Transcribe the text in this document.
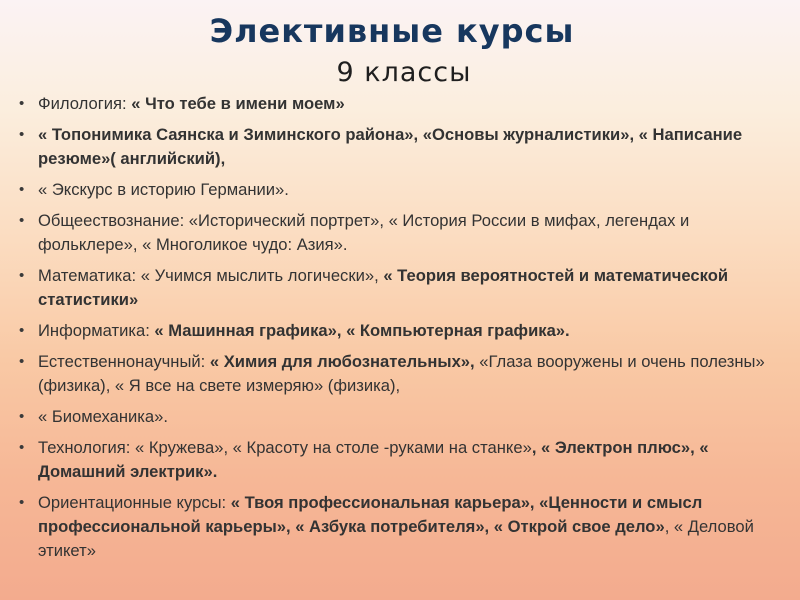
Элективные курсы
9 классы
• Филология: « Что тебе в имени моем»
• « Топонимика Саянска и Зиминского района», «Основы журналистики», « Написание резюме»( английский),
• « Экскурс в историю Германии».
• Общеествознание: «Исторический портрет», « История России в мифах, легендах и фольклере», « Многоликое чудо: Азия».
• Математика: « Учимся мыслить логически», « Теория вероятностей и математической статистики»
• Информатика: « Машинная графика», « Компьютерная графика».
• Естественнонаучный: « Химия для любознательных», «Глаза вооружены и очень полезны» (физика), « Я все на свете измеряю» (физика),
• « Биомеханика».
• Технология: « Кружева», « Красоту на столе -руками на станке», « Электрон плюс», « Домашний электрик».
• Ориентационные курсы: « Твоя профессиональная карьера», «Ценности и смысл профессиональной карьеры», « Азбука потребителя», « Открой свое дело», « Деловой этикет»
